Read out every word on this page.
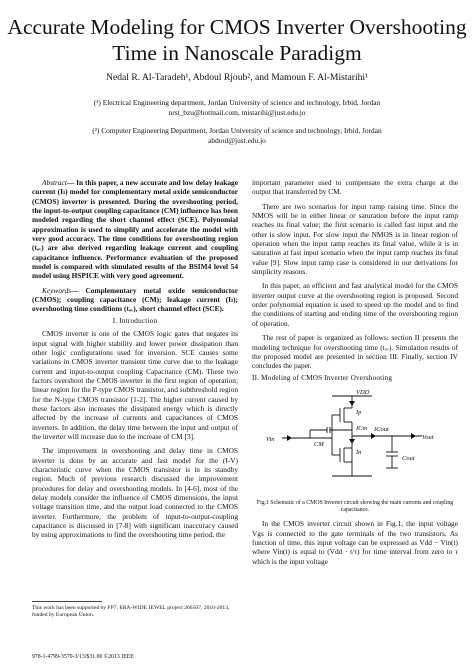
Accurate Modeling for CMOS Inverter Overshooting Time in Nanoscale Paradigm
Nedal R. Al-Taradeh¹, Abdoul Rjoub², and Mamoun F. Al-Mistarihi¹
(¹) Electrical Engineering department, Jordan University of science and technology, Irbid, Jordan
nrst_bzu@hotmail.com, mistarihi@just.edu.jo
(²) Computer Engineering Department, Jordan University of science and technology, Irbid, Jordan
abdoul@just.edu.jo

Abstract— In this paper, a new accurate and low delay leakage current (Iₗ) model for complementary metal oxide semiconductor (CMOS) inverter is presented. During the overshooting period, the input-to-output coupling capacitance (CM) influence has been modeled regarding the short channel effect (SCE). Polynomial approximation is used to simplify and accelerate the model with very good accuracy. The time conditions for overshooting region (tₒᵥ) are also derived regarding leakage current and coupling capacitance influence. Performance evaluation of the proposed model is compared with simulated results of the BSIM4 level 54 model using HSPICE with very good agreement.

Keywords— Complementary metal oxide semiconductor (CMOS); coupling capacitance (CM); leakage current (Iₗ); overshooting time conditions (tₒᵥ), short channel effect (SCE).

I. Introduction

CMOS inverter is one of the CMOS logic gates that negates its input signal with higher stability and lower power dissipation than other logic configurations used for inversion. SCE causes some variations in CMOS inverter transient time curve due to the leakage current and input-to-output coupling Capacitance (CM). These two factors overshoot the CMOS inverter in the first region of operation; linear region for the P-type CMOS transistor, and subthreshold region for the N-type CMOS transistor [1-2]. The higher current caused by these factors also increases the dissipated energy which is directly affected by the increase of currents and capacitances of CMOS inverters. In addition, the delay time between the input and output of the inverter will increase due to the increase of CM [3].

The improvement in overshooting and delay time in CMOS inverter is done by an accurate and fast model for the (I-V) characteristic curve when the CMOS transistor is in its standby region. Much of previous research discussed the improvement procedures for delay and overshooting models. In [4-6], most of the delay models consider the influence of CMOS dimensions, the input voltage transition time, and the output load connected to the CMOS inverter. Furthermore, the problem of input-to-output-coupling capacitance is discussed in [7-8] with significant inaccuracy caused by using approximations to find the overshooting time period, the

This work has been supported by FP7, ERA-WIDE JEWEL project 266507, 2010-2013, funded by European Union.

important parameter used to compensate the extra charge at the output that transferred by CM.

There are two scenarios for input ramp raising time. Since the NMOS will be in either linear or saturation before the input ramp reaches its final value; the first scenario is called fast input and the other is slow input. For slow input the NMOS is in linear region of operation when the input ramp reaches its final value, while it is in saturation at fast input scenario when the input ramp reaches its final value [9]. Slow input ramp case is considered in our derivations for simplicity reasons.

In this paper, an efficient and fast analytical model for the CMOS inverter output curve at the overshooting region is proposed. Second order polynomial equation is used to speed up the model and to find the conditions of starting and ending time of the overshooting region of operation.

The rest of paper is organized as follows: section II presents the modeling technique for overshooting time (tₒᵥ). Simulation results of the proposed model are presented in section III. Finally, section IV concludes the paper.

II. Modeling of CMOS Inverter Overshooting
VDD
Ip
ICm ICout
Vin	Vout
CM
In
Cout
Fig.1 Schematic of a CMOS Inverter circuit showing the main currents and coupling capacitance.

In the CMOS inverter circuit shown in Fig.1, the input voltage Vgs is connected to the gate terminals of the two transistors. As function of time, this input voltage can be expressed as Vdd − Vin(t) where Vin(t) is equal to (Vdd · t/τ) for time interval from zero to τ which is the input voltage

978-1-4799-3570-3/13/$31.00 ©2013 IEEE
